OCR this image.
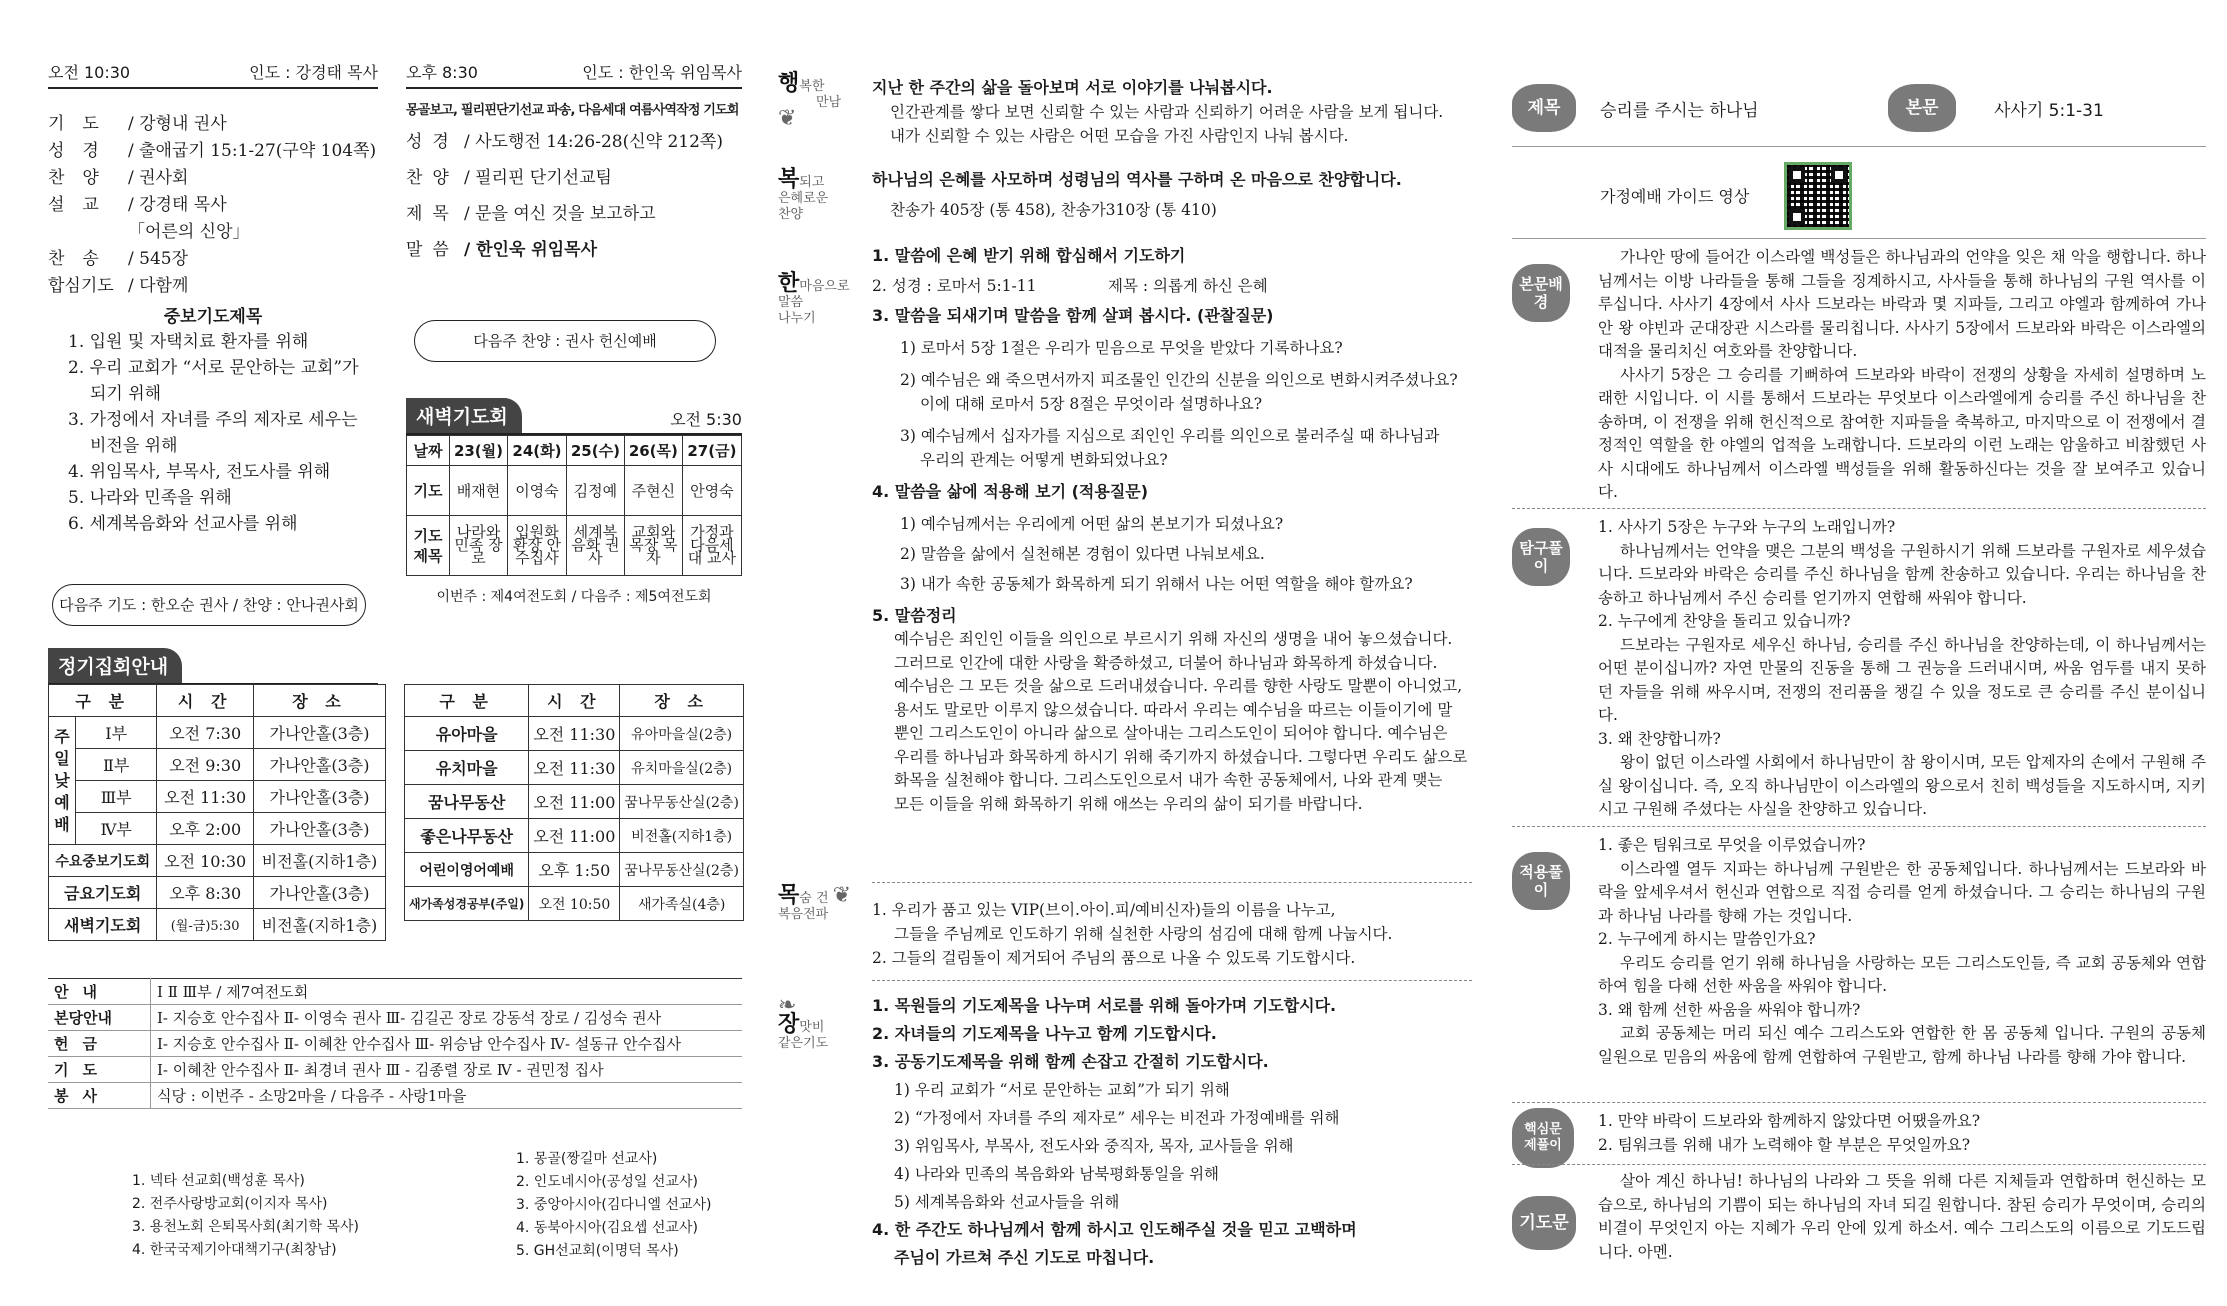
오전 10:30	인도 : 강경태 목사
기도 / 강형내 권사
성경 / 출애굽기 15:1-27(구약 104쪽)
찬양 / 권사회
설교 / 강경태 목사
「어른의 신앙」
찬송 / 545장
합심기도 / 다함께
중보기도제목
1. 입원 및 자택치료 환자를 위해
2. 우리 교회가 “서로 문안하는 교회”가
되기 위해
3. 가정에서 자녀를 주의 제자로 세우는
비전을 위해
4. 위임목사, 부목사, 전도사를 위해
5. 나라와 민족을 위해
6. 세계복음화와 선교사를 위해
다음주 기도 : 한오순 권사 / 찬양 : 안나권사회
오후 8:30	인도 : 한인욱 위임목사
몽골보고, 필리핀단기선교 파송, 다음세대 여름사역작정 기도회
성경 / 사도행전 14:26-28(신약 212쪽)
찬양 / 필리핀 단기선교팀
제목 / 문을 여신 것을 보고하고
말씀 / 한인욱 위임목사
다음주 찬양 : 권사 헌신예배
새벽기도회	오전 5:30
날짜	23(월)	24(화)	25(수)	26(목)	27(금)
기도	배재현	이영숙	김정예	주현신	안영숙
기도제목	나라와민족 장로	입원화환장 안수집사	세계복음화 권사	교회와목장 목자	가정과 다음세대 교사
이번주 : 제4여전도회 / 다음주 : 제5여전도회
정기집회안내
구 분		시 간	장 소
주일낮예배	Ⅰ부	오전 7:30	가나안홀(3층)
	Ⅱ부	오전 9:30	가나안홀(3층)
	Ⅲ부	오전 11:30	가나안홀(3층)
	Ⅳ부	오후 2:00	가나안홀(3층)
수요중보기도회		오전 10:30	비전홀(지하1층)
금요기도회		오후 8:30	가나안홀(3층)
새벽기도회		(월-금)5:30	비전홀(지하1층)
구 분	시 간	장 소
유아마을	오전 11:30	유아마을실(2층)
유치마을	오전 11:30	유치마을실(2층)
꿈나무동산	오전 11:00	꿈나무동산실(2층)
좋은나무동산	오전 11:00	비전홀(지하1층)
어린이영어예배	오후 1:50	꿈나무동산실(2층)
새가족성경공부(주일)	오전 10:50	새가족실(4층)
안내	Ⅰ Ⅱ Ⅲ부 / 제7여전도회
본당안내	Ⅰ- 지승호 안수집사 Ⅱ- 이영숙 권사 Ⅲ- 김길곤 장로 강동석 장로 / 김성숙 권사
헌금	Ⅰ- 지승호 안수집사 Ⅱ- 이혜찬 안수집사 Ⅲ- 위승남 안수집사 Ⅳ- 설동규 안수집사
기도	Ⅰ- 이혜찬 안수집사 Ⅱ- 최경녀 권사 Ⅲ - 김종렬 장로 Ⅳ - 권민정 집사
봉사	식당 : 이번주 - 소망2마을 / 다음주 - 사랑1마을
1. 넥타 선교회(백성훈 목사)
2. 전주사랑방교회(이지자 목사)
3. 용천노회 은퇴목사회(최기학 목사)
4. 한국국제기아대책기구(최창남)
1. 몽골(짱길마 선교사)
2. 인도네시아(공성일 선교사)
3. 중앙아시아(김다니엘 선교사)
4. 동북아시아(김요셉 선교사)
5. GH선교회(이명덕 목사)
행복한
만남
❦
복되고
은혜로운
찬양
한마음으로
말씀
나누기
목숨 건 ❦
복음전파
❧
장맛비
같은기도
지난 한 주간의 삶을 돌아보며 서로 이야기를 나눠봅시다.
인간관계를 쌓다 보면 신뢰할 수 있는 사람과 신뢰하기 어려운 사람을 보게 됩니다.
내가 신뢰할 수 있는 사람은 어떤 모습을 가진 사람인지 나눠 봅시다.
하나님의 은혜를 사모하며 성령님의 역사를 구하며 온 마음으로 찬양합니다.
찬송가 405장 (통 458), 찬송가310장 (통 410)
1. 말씀에 은혜 받기 위해 합심해서 기도하기
2. 성경 : 로마서 5:1-11	제목 : 의롭게 하신 은혜
3. 말씀을 되새기며 말씀을 함께 살펴 봅시다. (관찰질문)
1) 로마서 5장 1절은 우리가 믿음으로 무엇을 받았다 기록하나요?
2) 예수님은 왜 죽으면서까지 피조물인 인간의 신분을 의인으로 변화시켜주셨나요?
이에 대해 로마서 5장 8절은 무엇이라 설명하나요?
3) 예수님께서 십자가를 지심으로 죄인인 우리를 의인으로 불러주실 때 하나님과
우리의 관계는 어떻게 변화되었나요?
4. 말씀을 삶에 적용해 보기 (적용질문)
1) 예수님께서는 우리에게 어떤 삶의 본보기가 되셨나요?
2) 말씀을 삶에서 실천해본 경험이 있다면 나눠보세요.
3) 내가 속한 공동체가 화목하게 되기 위해서 나는 어떤 역할을 해야 할까요?
5. 말씀정리
예수님은 죄인인 이들을 의인으로 부르시기 위해 자신의 생명을 내어 놓으셨습니다.
그러므로 인간에 대한 사랑을 확증하셨고, 더불어 하나님과 화목하게 하셨습니다.
예수님은 그 모든 것을 삶으로 드러내셨습니다. 우리를 향한 사랑도 말뿐이 아니었고,
용서도 말로만 이루지 않으셨습니다. 따라서 우리는 예수님을 따르는 이들이기에 말
뿐인 그리스도인이 아니라 삶으로 살아내는 그리스도인이 되어야 합니다. 예수님은
우리를 하나님과 화목하게 하시기 위해 죽기까지 하셨습니다. 그렇다면 우리도 삶으로
화목을 실천해야 합니다. 그리스도인으로서 내가 속한 공동체에서, 나와 관계 맺는
모든 이들을 위해 화목하기 위해 애쓰는 우리의 삶이 되기를 바랍니다.
1. 우리가 품고 있는 VIP(브이.아이.피/예비신자)들의 이름을 나누고,
그들을 주님께로 인도하기 위해 실천한 사랑의 섬김에 대해 함께 나눕시다.
2. 그들의 걸림돌이 제거되어 주님의 품으로 나올 수 있도록 기도합시다.
1. 목원들의 기도제목을 나누며 서로를 위해 돌아가며 기도합시다.
2. 자녀들의 기도제목을 나누고 함께 기도합시다.
3. 공동기도제목을 위해 함께 손잡고 간절히 기도합시다.
1) 우리 교회가 “서로 문안하는 교회”가 되기 위해
2) “가정에서 자녀를 주의 제자로” 세우는 비전과 가정예배를 위해
3) 위임목사, 부목사, 전도사와 중직자, 목자, 교사들을 위해
4) 나라와 민족의 복음화와 남북평화통일을 위해
5) 세계복음화와 선교사들을 위해
4. 한 주간도 하나님께서 함께 하시고 인도해주실 것을 믿고 고백하며
주님이 가르쳐 주신 기도로 마칩니다.
제목	승리를 주시는 하나님	본문	사사기 5:1-31
가정예배 가이드 영상
본문배경

가나안 땅에 들어간 이스라엘 백성들은 하나님과의 언약을 잊은 채 악을 행합니다. 하나님께서는 이방 나라들을 통해 그들을 징계하시고, 사사들을 통해 하나님의 구원 역사를 이루십니다. 사사기 4장에서 사사 드보라는 바락과 몇 지파들, 그리고 야엘과 함께하여 가나안 왕 야빈과 군대장관 시스라를 물리칩니다. 사사기 5장에서 드보라와 바락은 이스라엘의 대적을 물리치신 여호와를 찬양합니다.

사사기 5장은 그 승리를 기뻐하여 드보라와 바락이 전쟁의 상황을 자세히 설명하며 노래한 시입니다. 이 시를 통해서 드보라는 무엇보다 이스라엘에게 승리를 주신 하나님을 찬송하며, 이 전쟁을 위해 헌신적으로 참여한 지파들을 축복하고, 마지막으로 이 전쟁에서 결정적인 역할을 한 야엘의 업적을 노래합니다. 드보라의 이런 노래는 암울하고 비참했던 사사 시대에도 하나님께서 이스라엘 백성들을 위해 활동하신다는 것을 잘 보여주고 있습니다.

탐구풀이

1. 사사기 5장은 누구와 누구의 노래입니까?

하나님께서는 언약을 맺은 그분의 백성을 구원하시기 위해 드보라를 구원자로 세우셨습니다. 드보라와 바락은 승리를 주신 하나님을 함께 찬송하고 있습니다. 우리는 하나님을 찬송하고 하나님께서 주신 승리를 얻기까지 연합해 싸워야 합니다.

2. 누구에게 찬양을 돌리고 있습니까?

드보라는 구원자로 세우신 하나님, 승리를 주신 하나님을 찬양하는데, 이 하나님께서는 어떤 분이십니까? 자연 만물의 진동을 통해 그 권능을 드러내시며, 싸움 엄두를 내지 못하던 자들을 위해 싸우시며, 전쟁의 전리품을 챙길 수 있을 정도로 큰 승리를 주신 분이십니다.

3. 왜 찬양합니까?

왕이 없던 이스라엘 사회에서 하나님만이 참 왕이시며, 모든 압제자의 손에서 구원해 주실 왕이십니다. 즉, 오직 하나님만이 이스라엘의 왕으로서 친히 백성들을 지도하시며, 지키시고 구원해 주셨다는 사실을 찬양하고 있습니다.

적용풀이

1. 좋은 팀워크로 무엇을 이루었습니까?

이스라엘 열두 지파는 하나님께 구원받은 한 공동체입니다. 하나님께서는 드보라와 바락을 앞세우셔서 헌신과 연합으로 직접 승리를 얻게 하셨습니다. 그 승리는 하나님의 구원과 하나님 나라를 향해 가는 것입니다.

2. 누구에게 하시는 말씀인가요?

우리도 승리를 얻기 위해 하나님을 사랑하는 모든 그리스도인들, 즉 교회 공동체와 연합하여 힘을 다해 선한 싸움을 싸워야 합니다.

3. 왜 함께 선한 싸움을 싸워야 합니까?

교회 공동체는 머리 되신 예수 그리스도와 연합한 한 몸 공동체 입니다. 구원의 공동체 일원으로 믿음의 싸움에 함께 연합하여 구원받고, 함께 하나님 나라를 향해 가야 합니다.

핵심문제풀이

1. 만약 바락이 드보라와 함께하지 않았다면 어땠을까요?

2. 팀워크를 위해 내가 노력해야 할 부분은 무엇일까요?

기도문

살아 계신 하나님! 하나님의 나라와 그 뜻을 위해 다른 지체들과 연합하며 헌신하는 모습으로, 하나님의 기쁨이 되는 하나님의 자녀 되길 원합니다. 참된 승리가 무엇이며, 승리의 비결이 무엇인지 아는 지혜가 우리 안에 있게 하소서. 예수 그리스도의 이름으로 기도드립니다. 아멘.
